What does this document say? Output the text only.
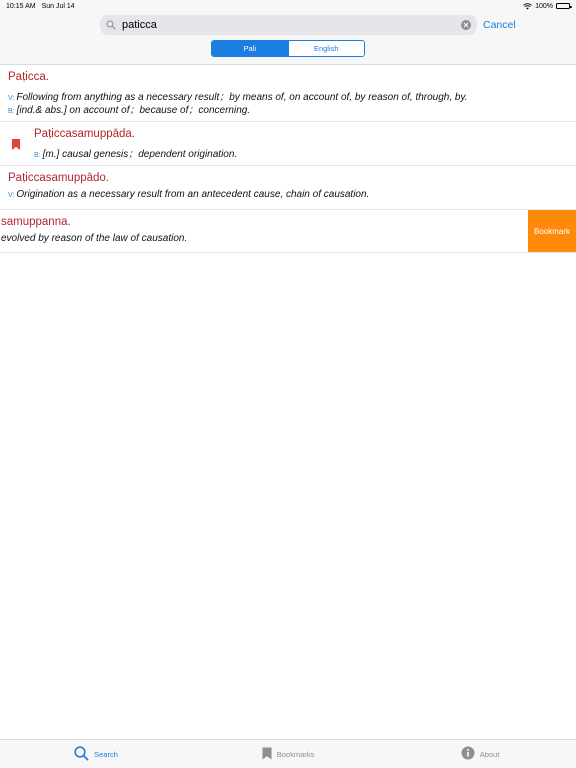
10:15 AM Sun Jul 14	100%
paticca
Cancel
Pali	English
Paṭicca.
V: Following from anything as a necessary result；by means of, on account of, by reason of, through, by.
B: [ind.& abs.] on account of；because of；concerning.
Paṭiccasamuppāda.
B: [m.] causal genesis；dependent origination.
Paṭiccasamuppādo.
V: Origination as a necessary result from an antecedent cause, chain of causation.
samuppanna.
evolved by reason of the law of causation.
Bookmark
Search	Bookmarks	About
